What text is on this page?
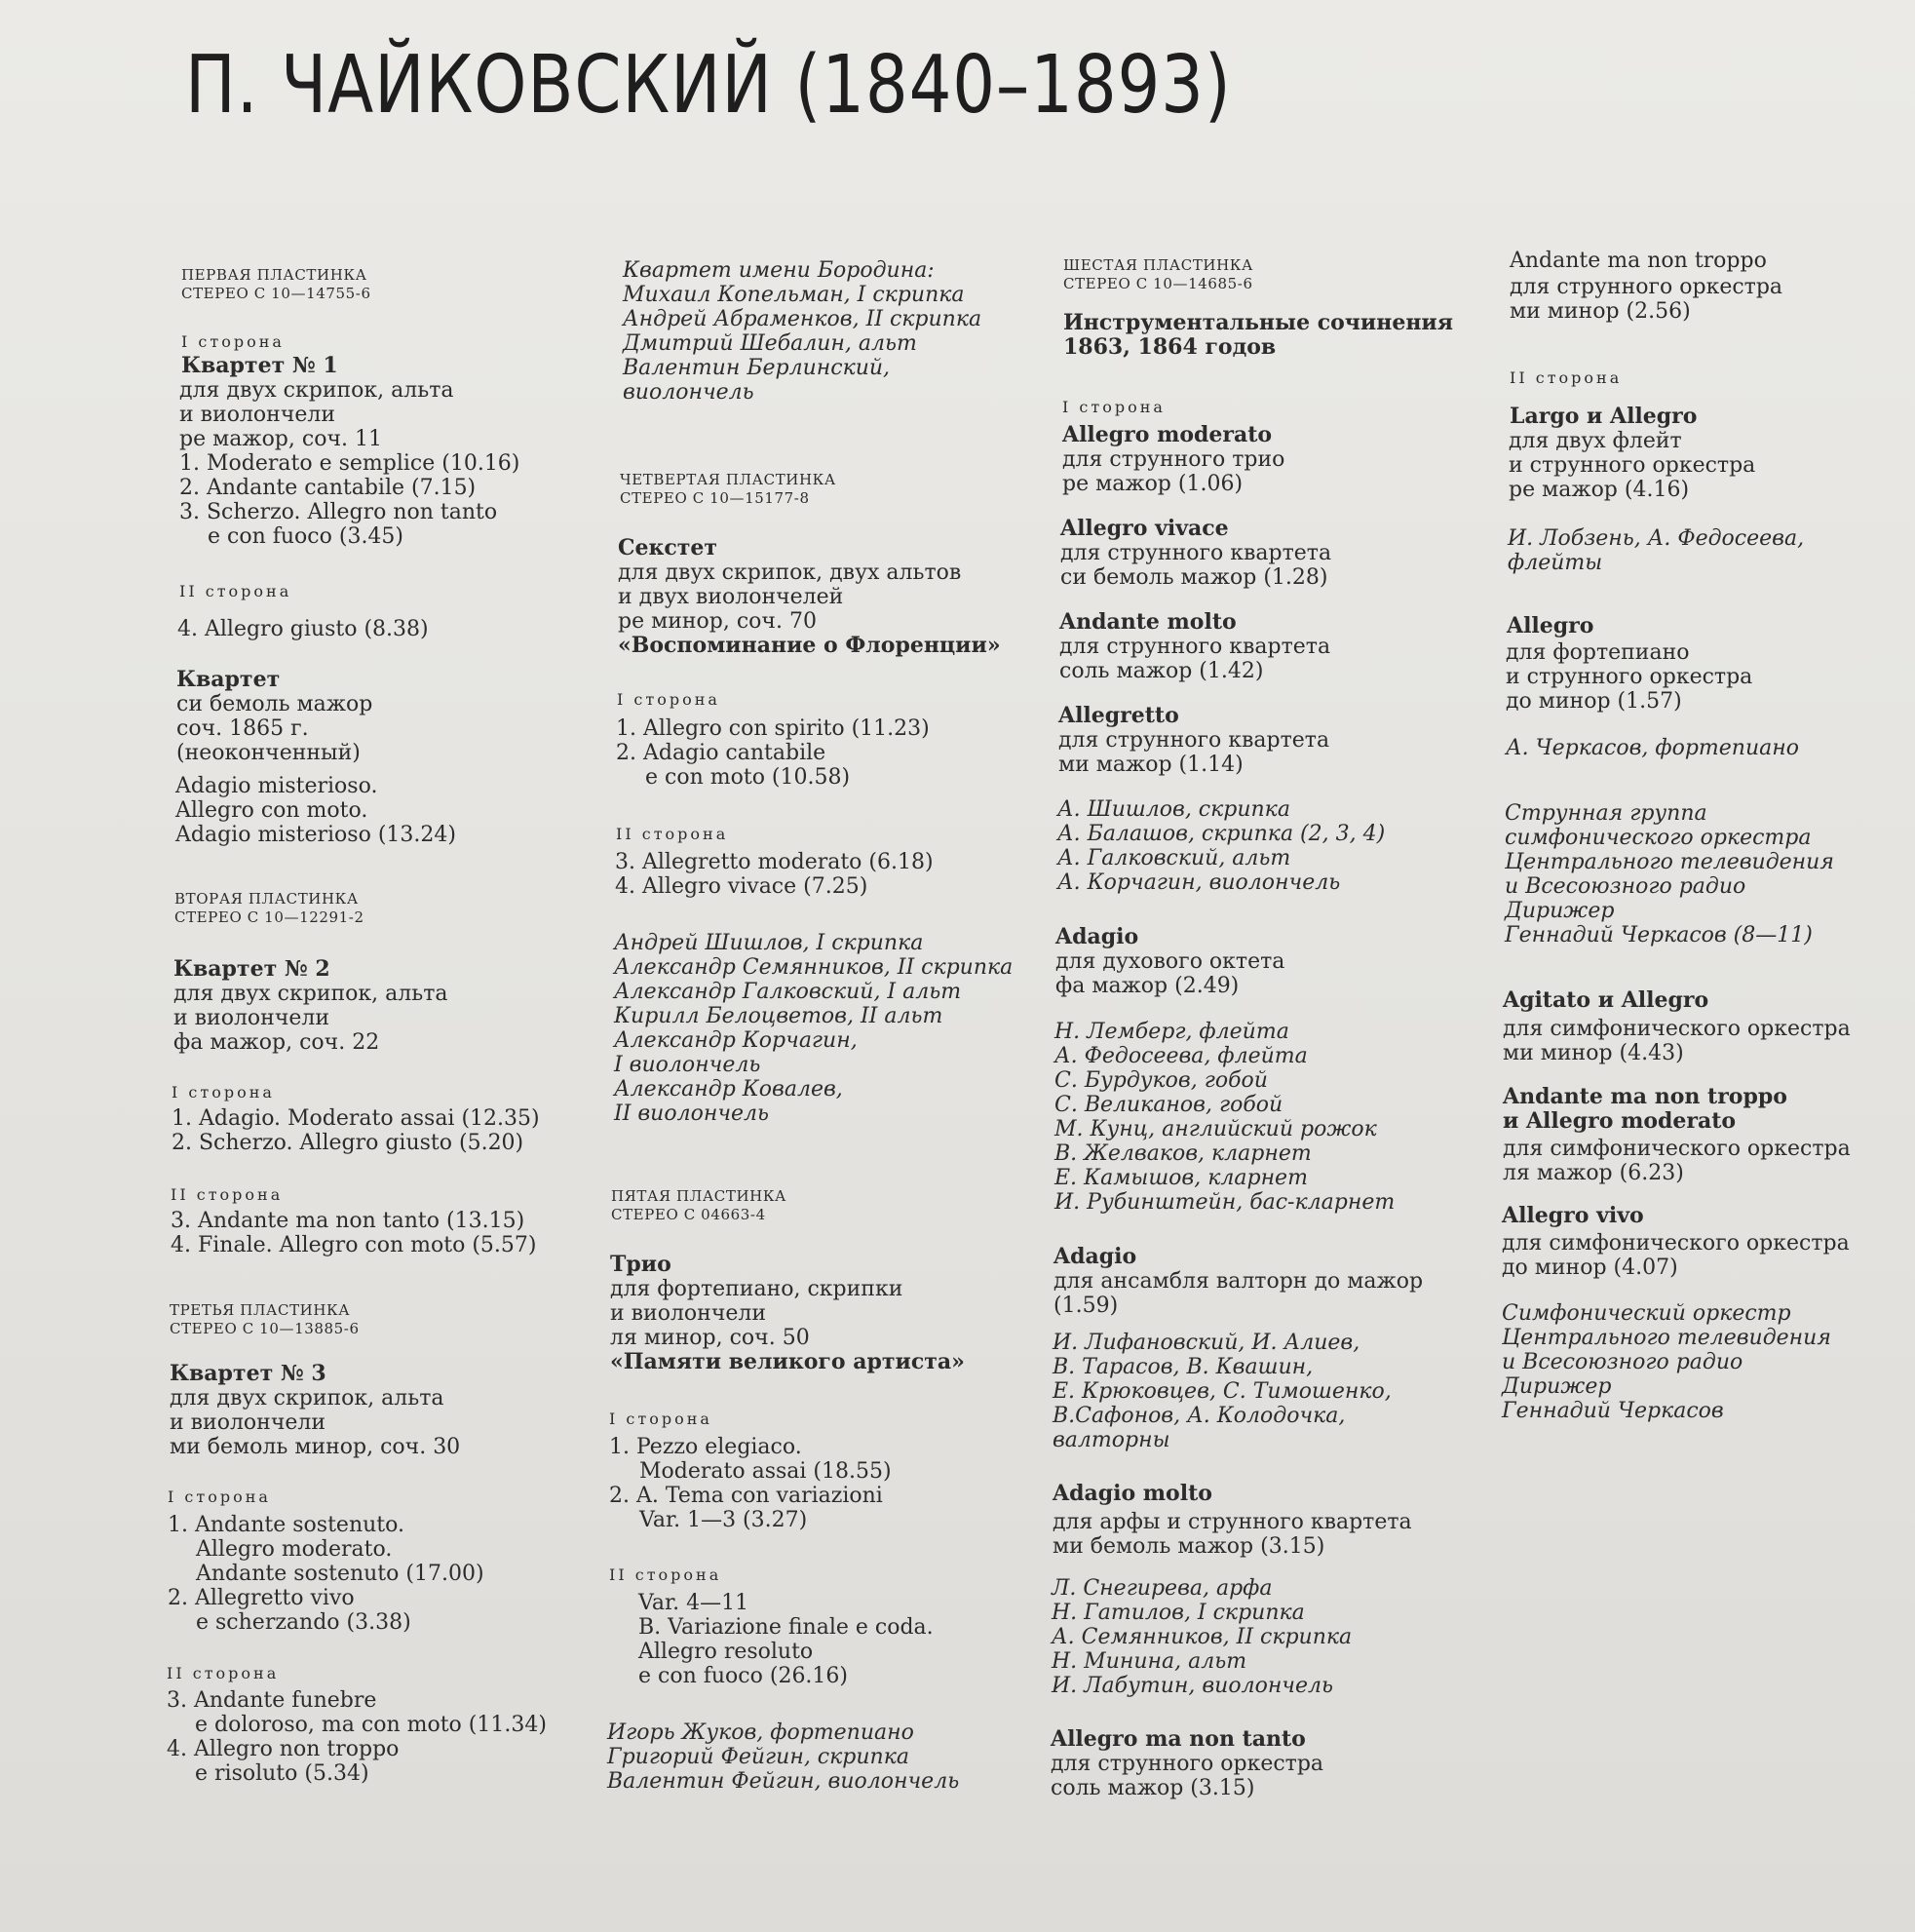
П. ЧАЙКОВСКИЙ (1840–1893)
ПЕРВАЯ ПЛАСТИНКА
СТЕРЕО С 10—14755-6
I сторона
Квартет № 1
для двух скрипок, альта
и виолончели
ре мажор, соч. 11
1. Moderato e semplice (10.16)
2. Andante cantabile (7.15)
3. Scherzo. Allegro non tanto
e con fuoco (3.45)
II сторона
4. Allegro giusto (8.38)
Квартет
си бемоль мажор
соч. 1865 г.
(неоконченный)
Adagio misterioso.
Allegro con moto.
Adagio misterioso (13.24)
ВТОРАЯ ПЛАСТИНКА
СТЕРЕО С 10—12291-2
Квартет № 2
для двух скрипок, альта
и виолончели
фа мажор, соч. 22
I сторона
1. Adagio. Moderato assai (12.35)
2. Scherzo. Allegro giusto (5.20)
II сторона
3. Andante ma non tanto (13.15)
4. Finale. Allegro con moto (5.57)
ТРЕТЬЯ ПЛАСТИНКА
СТЕРЕО С 10—13885-6
Квартет № 3
для двух скрипок, альта
и виолончели
ми бемоль минор, соч. 30
I сторона
1. Andante sostenuto.
Allegro moderato.
Andante sostenuto (17.00)
2. Allegretto vivo
e scherzando (3.38)
II сторона
3. Andante funebre
e doloroso, ma con moto (11.34)
4. Allegro non troppo
e risoluto (5.34)
Квартет имени Бородина:
Михаил Копельман, I скрипка
Андрей Абраменков, II скрипка
Дмитрий Шебалин, альт
Валентин Берлинский,
виолончель
ЧЕТВЕРТАЯ ПЛАСТИНКА
СТЕРЕО С 10—15177-8
Секстет
для двух скрипок, двух альтов
и двух виолончелей
ре минор, соч. 70
«Воспоминание о Флоренции»
I сторона
1. Allegro con spirito (11.23)
2. Adagio cantabile
e con moto (10.58)
II сторона
3. Allegretto moderato (6.18)
4. Allegro vivace (7.25)
Андрей Шишлов, I скрипка
Александр Семянников, II скрипка
Александр Галковский, I альт
Кирилл Белоцветов, II альт
Александр Корчагин,
I виолончель
Александр Ковалев,
II виолончель
ПЯТАЯ ПЛАСТИНКА
СТЕРЕО С 04663-4
Трио
для фортепиано, скрипки
и виолончели
ля минор, соч. 50
«Памяти великого артиста»
I сторона
1. Pezzo elegiaco.
Moderato assai (18.55)
2. A. Tema con variazioni
Var. 1—3 (3.27)
II сторона
Var. 4—11
B. Variazione finale e coda.
Allegro resoluto
e con fuoco (26.16)
Игорь Жуков, фортепиано
Григорий Фейгин, скрипка
Валентин Фейгин, виолончель
ШЕСТАЯ ПЛАСТИНКА
СТЕРЕО С 10—14685-6
Инструментальные сочинения
1863, 1864 годов
I сторона
Allegro moderato
для струнного трио
ре мажор (1.06)
Allegro vivace
для струнного квартета
си бемоль мажор (1.28)
Andante molto
для струнного квартета
соль мажор (1.42)
Allegretto
для струнного квартета
ми мажор (1.14)
А. Шишлов, скрипка
А. Балашов, скрипка (2, 3, 4)
А. Галковский, альт
А. Корчагин, виолончель
Adagio
для духового октета
фа мажор (2.49)
Н. Лемберг, флейта
А. Федосеева, флейта
С. Бурдуков, гобой
С. Великанов, гобой
М. Кунц, английский рожок
В. Желваков, кларнет
Е. Камышов, кларнет
И. Рубинштейн, бас-кларнет
Adagio
для ансамбля валторн до мажор
(1.59)
И. Лифановский, И. Алиев,
В. Тарасов, В. Квашин,
Е. Крюковцев, С. Тимошенко,
В.Сафонов, А. Колодочка,
валторны
Adagio molto
для арфы и струнного квартета
ми бемоль мажор (3.15)
Л. Снегирева, арфа
Н. Гатилов, I скрипка
А. Семянников, II скрипка
Н. Минина, альт
И. Лабутин, виолончель
Allegro ma non tanto
для струнного оркестра
соль мажор (3.15)
Andante ma non troppo
для струнного оркестра
ми минор (2.56)
II сторона
Largo и Allegro
для двух флейт
и струнного оркестра
ре мажор (4.16)
И. Лобзень, А. Федосеева,
флейты
Allegro
для фортепиано
и струнного оркестра
до минор (1.57)
А. Черкасов, фортепиано
Струнная группа
симфонического оркестра
Центрального телевидения
и Всесоюзного радио
Дирижер
Геннадий Черкасов (8—11)
Agitato и Allegro
для симфонического оркестра
ми минор (4.43)
Andante ma non troppo
и Allegro moderato
для симфонического оркестра
ля мажор (6.23)
Allegro vivo
для симфонического оркестра
до минор (4.07)
Симфонический оркестр
Центрального телевидения
и Всесоюзного радио
Дирижер
Геннадий Черкасов
